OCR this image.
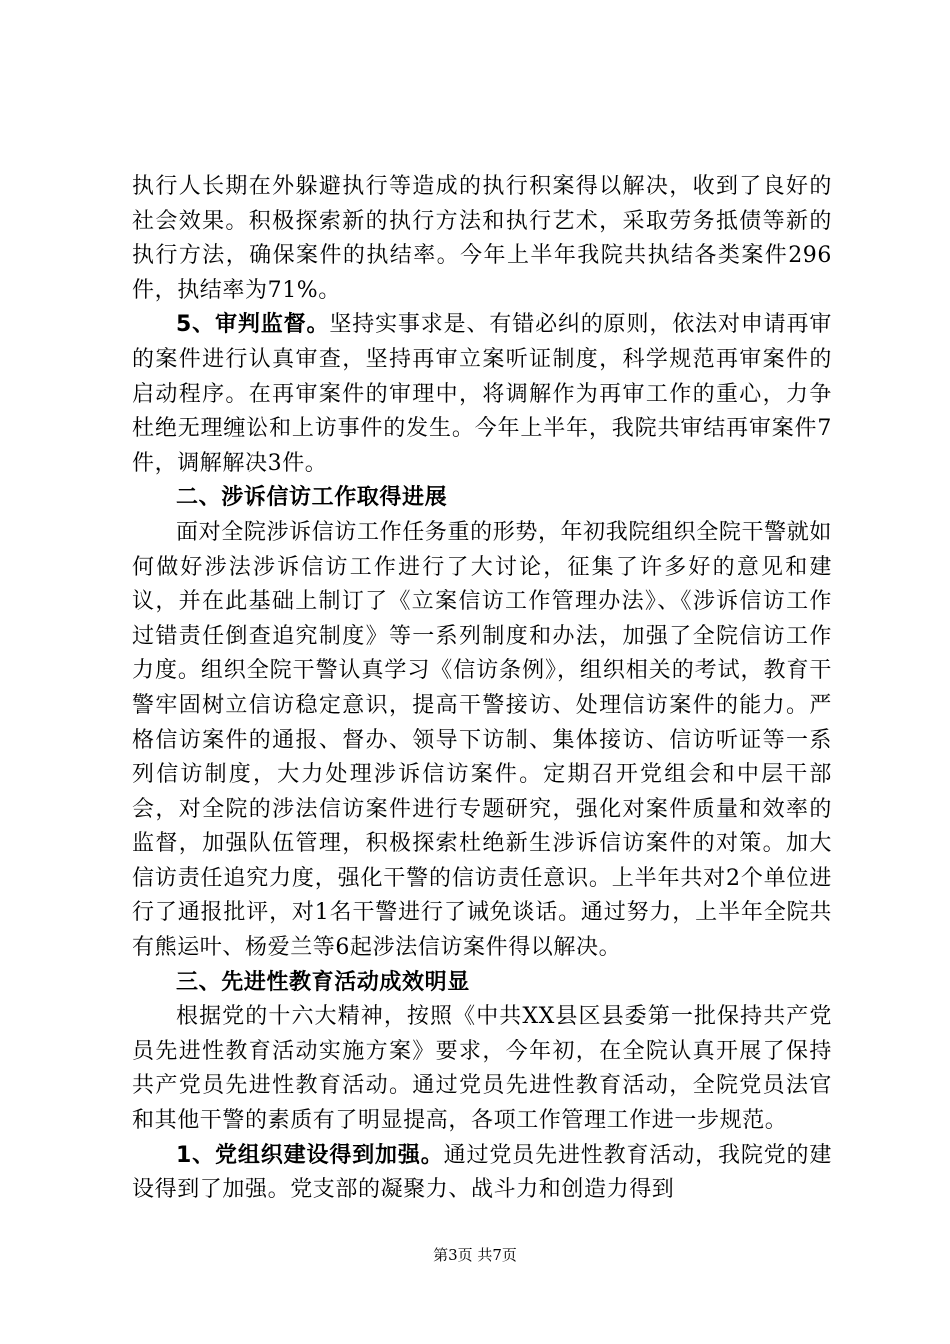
执行人长期在外躲避执行等造成的执行积案得以解决，收到了良好的社会效果。积极探索新的执行方法和执行艺术，采取劳务抵债等新的执行方法，确保案件的执结率。今年上半年我院共执结各类案件296件，执结率为71%。

5、审判监督。坚持实事求是、有错必纠的原则，依法对申请再审的案件进行认真审查，坚持再审立案听证制度，科学规范再审案件的启动程序。在再审案件的审理中，将调解作为再审工作的重心，力争杜绝无理缠讼和上访事件的发生。今年上半年，我院共审结再审案件7件，调解解决3件。

二、涉诉信访工作取得进展

面对全院涉诉信访工作任务重的形势，年初我院组织全院干警就如何做好涉法涉诉信访工作进行了大讨论，征集了许多好的意见和建议，并在此基础上制订了《立案信访工作管理办法》、《涉诉信访工作过错责任倒查追究制度》等一系列制度和办法，加强了全院信访工作力度。组织全院干警认真学习《信访条例》，组织相关的考试，教育干警牢固树立信访稳定意识，提高干警接访、处理信访案件的能力。严格信访案件的通报、督办、领导下访制、集体接访、信访听证等一系列信访制度，大力处理涉诉信访案件。定期召开党组会和中层干部会，对全院的涉法信访案件进行专题研究，强化对案件质量和效率的监督，加强队伍管理，积极探索杜绝新生涉诉信访案件的对策。加大信访责任追究力度，强化干警的信访责任意识。上半年共对2个单位进行了通报批评，对1名干警进行了诫免谈话。通过努力，上半年全院共有熊运叶、杨爱兰等6起涉法信访案件得以解决。

三、先进性教育活动成效明显

根据党的十六大精神，按照《中共XX县区县委第一批保持共产党员先进性教育活动实施方案》要求，今年初，在全院认真开展了保持共产党员先进性教育活动。通过党员先进性教育活动，全院党员法官和其他干警的素质有了明显提高，各项工作管理工作进一步规范。

1、党组织建设得到加强。通过党员先进性教育活动，我院党的建设得到了加强。党支部的凝聚力、战斗力和创造力得到

第3页 共7页
